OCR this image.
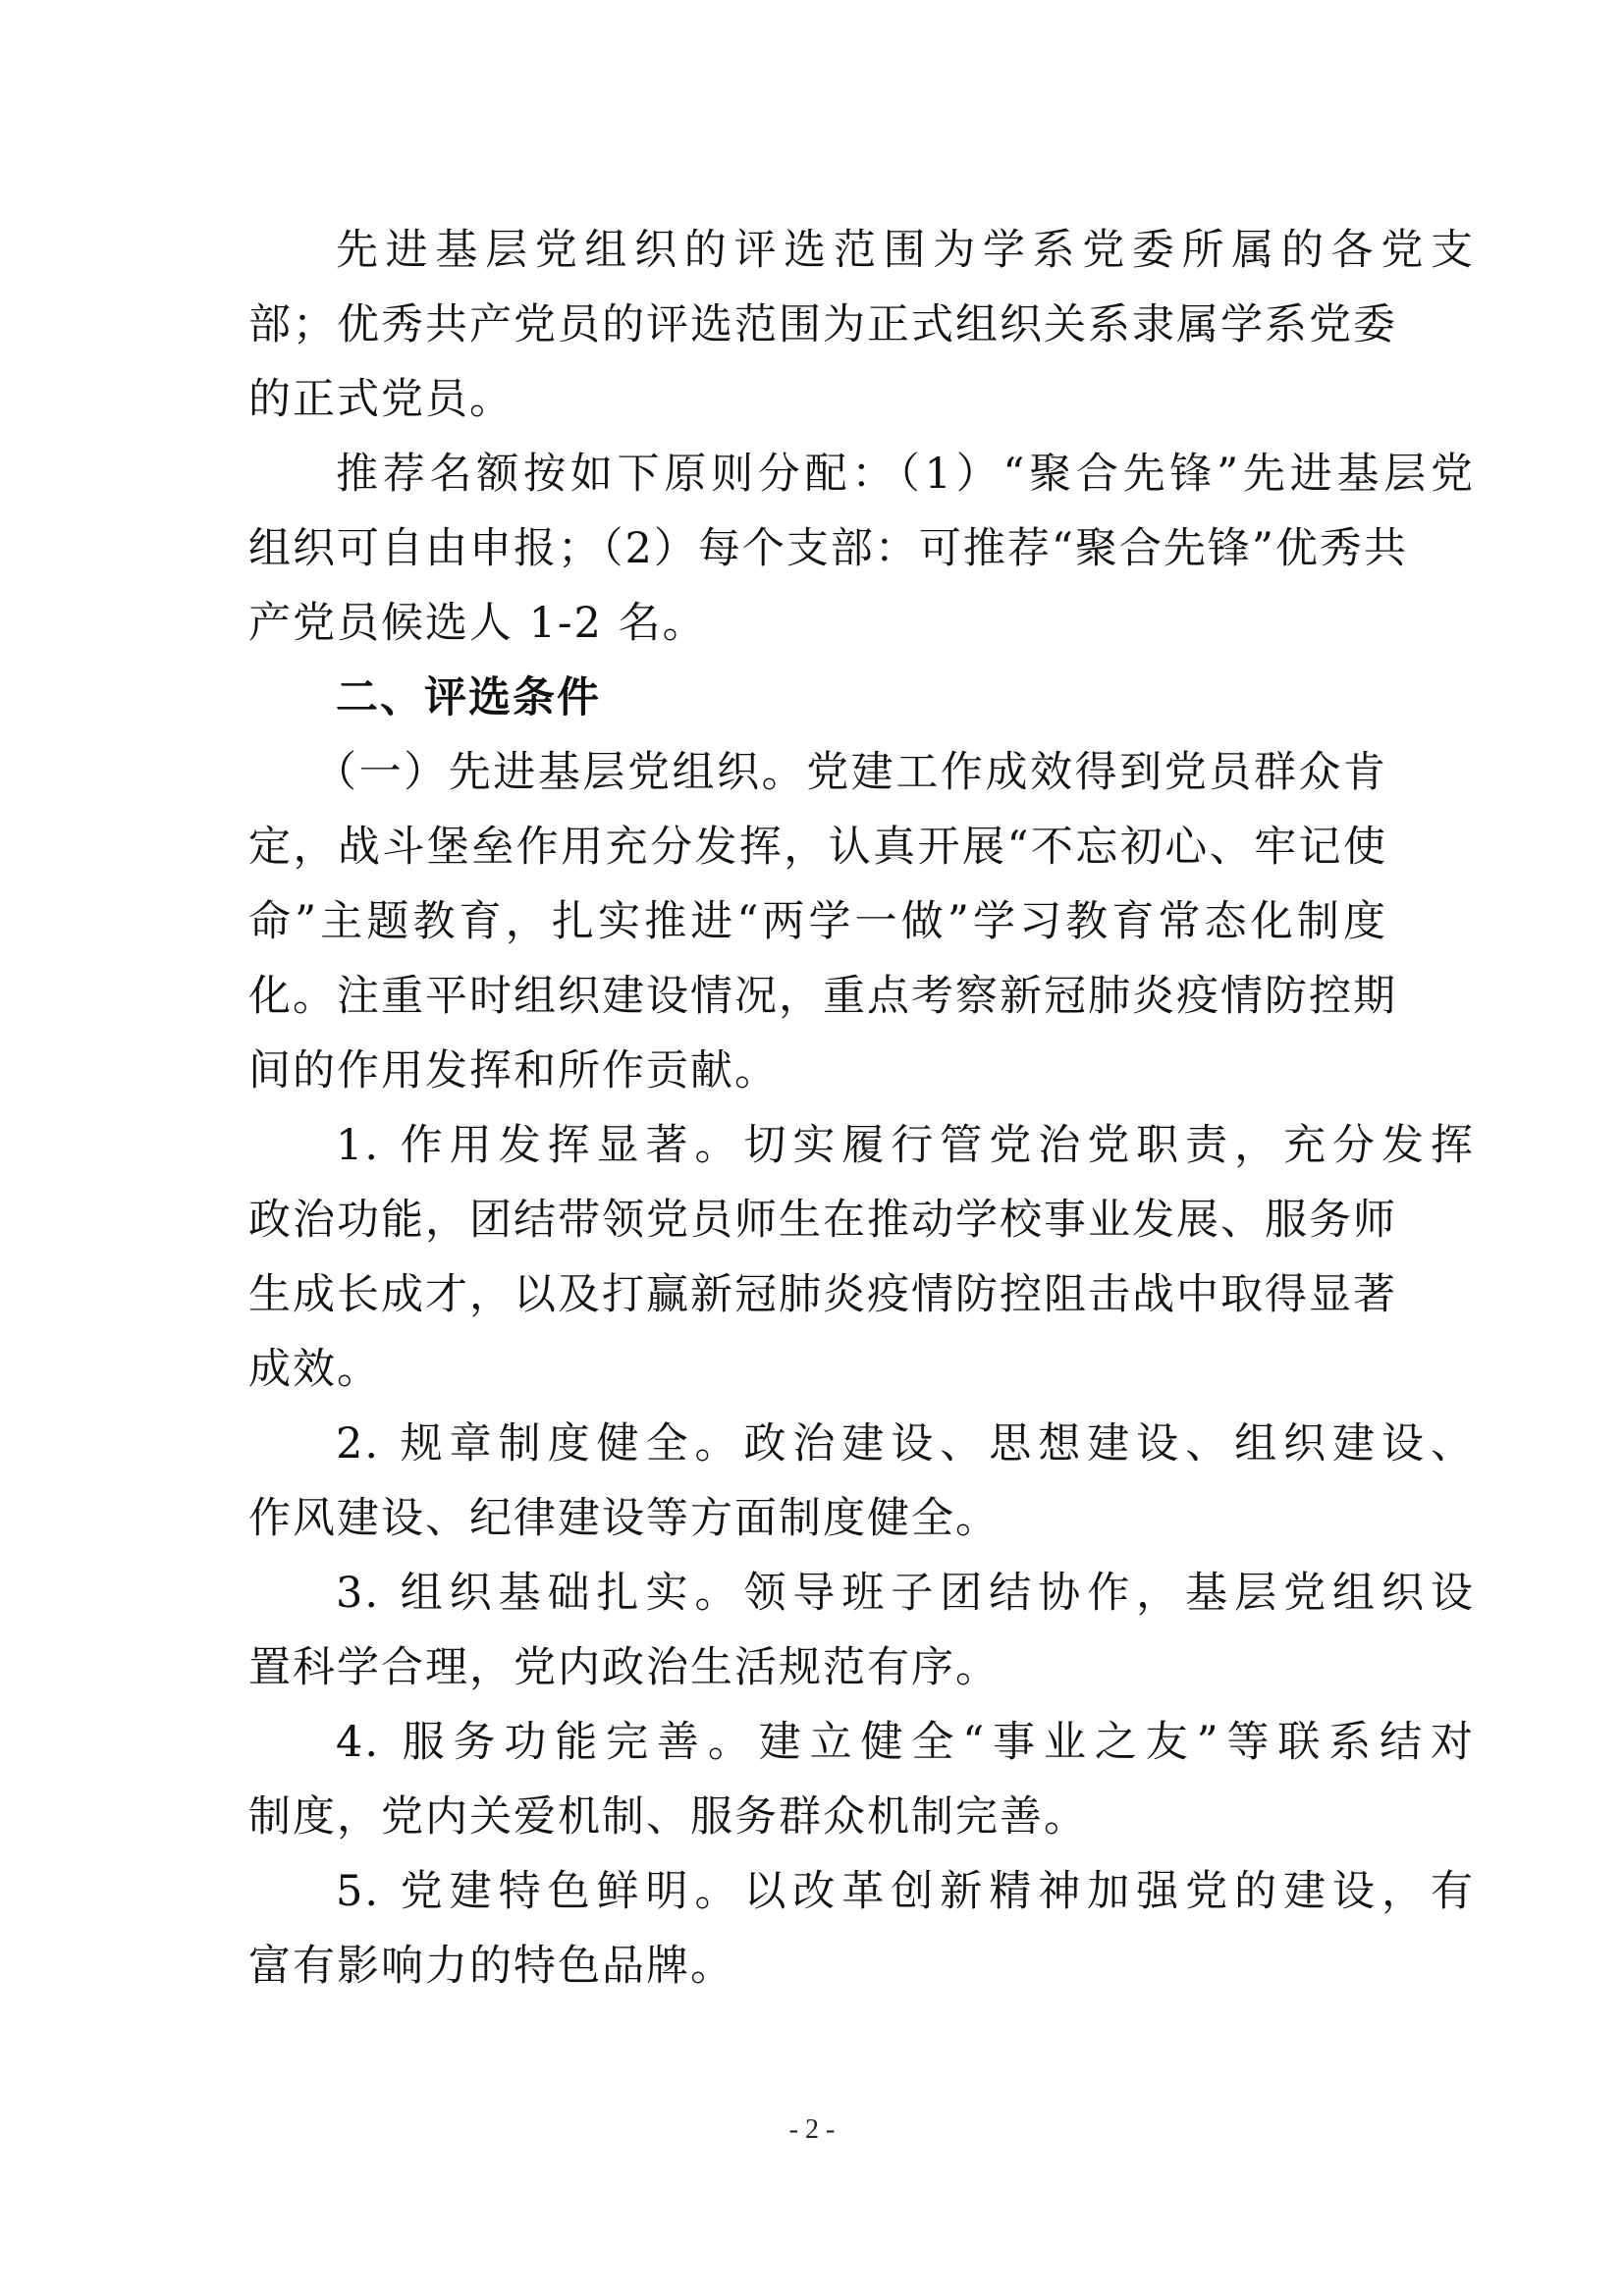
先进基层党组织的评选范围为学系党委所属的各党支
部；优秀共产党员的评选范围为正式组织关系隶属学系党委
的正式党员。
推荐名额按如下原则分配：（1）“聚合先锋”先进基层党
组织可自由申报；（2）每个支部：可推荐“聚合先锋”优秀共
产党员候选人 1-2 名。
二、评选条件
（一）先进基层党组织。党建工作成效得到党员群众肯
定，战斗堡垒作用充分发挥，认真开展“不忘初心、牢记使
命”主题教育，扎实推进“两学一做”学习教育常态化制度
化。注重平时组织建设情况，重点考察新冠肺炎疫情防控期
间的作用发挥和所作贡献。
1. 作用发挥显著。切实履行管党治党职责，充分发挥
政治功能，团结带领党员师生在推动学校事业发展、服务师
生成长成才，以及打赢新冠肺炎疫情防控阻击战中取得显著
成效。
2. 规章制度健全。政治建设、思想建设、组织建设、
作风建设、纪律建设等方面制度健全。
3. 组织基础扎实。领导班子团结协作，基层党组织设
置科学合理，党内政治生活规范有序。
4. 服务功能完善。建立健全“事业之友”等联系结对
制度，党内关爱机制、服务群众机制完善。
5. 党建特色鲜明。以改革创新精神加强党的建设，有
富有影响力的特色品牌。
- 2 -
